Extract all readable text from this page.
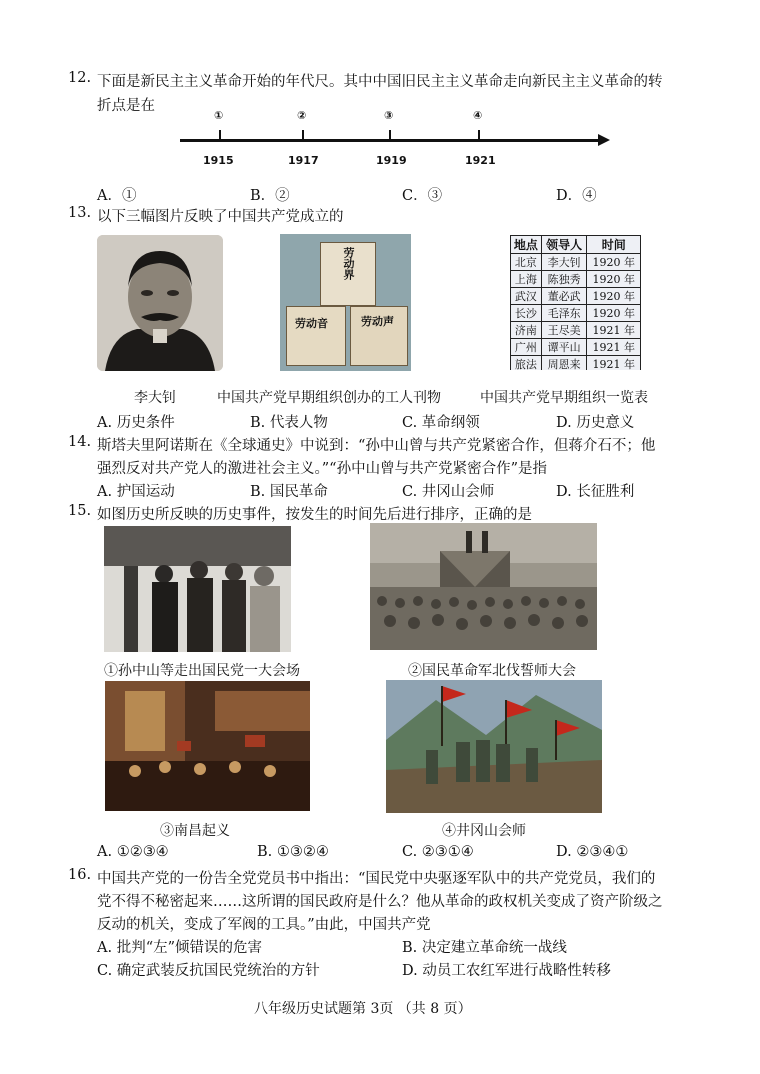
12. 下面是新民主主义革命开始的年代尺。其中中国旧民主主义革命走向新民主主义革命的转
折点是在
①	②	③	④
1915	1917	1919	1921
A．①	B．②	C．③	D．④
13. 以下三幅图片反映了中国共产党成立的
劳动界
劳动音	劳动声
地点	领导人	时间
北京	李大钊	1920 年
上海	陈独秀	1920 年
武汉	董必武	1920 年
长沙	毛泽东	1920 年
济南	王尽美	1921 年
广州	谭平山	1921 年
旅法	周恩来	1921 年
李大钊	中国共产党早期组织创办的工人刊物	中国共产党早期组织一览表
A. 历史条件	B. 代表人物	C. 革命纲领	D. 历史意义
14. 斯塔夫里阿诺斯在《全球通史》中说到：“孙中山曾与共产党紧密合作，但蒋介石不；他
强烈反对共产党人的激进社会主义。”“孙中山曾与共产党紧密合作”是指
A. 护国运动	B. 国民革命	C. 井冈山会师	D. 长征胜利
15. 如图历史所反映的历史事件，按发生的时间先后进行排序，正确的是
①孙中山等走出国民党一大会场	②国民革命军北伐誓师大会
③南昌起义	④井冈山会师
A. ①②③④	B. ①③②④	C. ②③①④	D. ②③④①
16. 中国共产党的一份告全党党员书中指出：“国民党中央驱逐军队中的共产党党员，我们的
党不得不秘密起来……这所谓的国民政府是什么？他从革命的政权机关变成了资产阶级之
反动的机关，变成了军阀的工具。”由此，中国共产党
A. 批判“左”倾错误的危害	B. 决定建立革命统一战线
C. 确定武装反抗国民党统治的方针	D. 动员工农红军进行战略性转移
八年级历史试题第 3页 （共 8 页）
